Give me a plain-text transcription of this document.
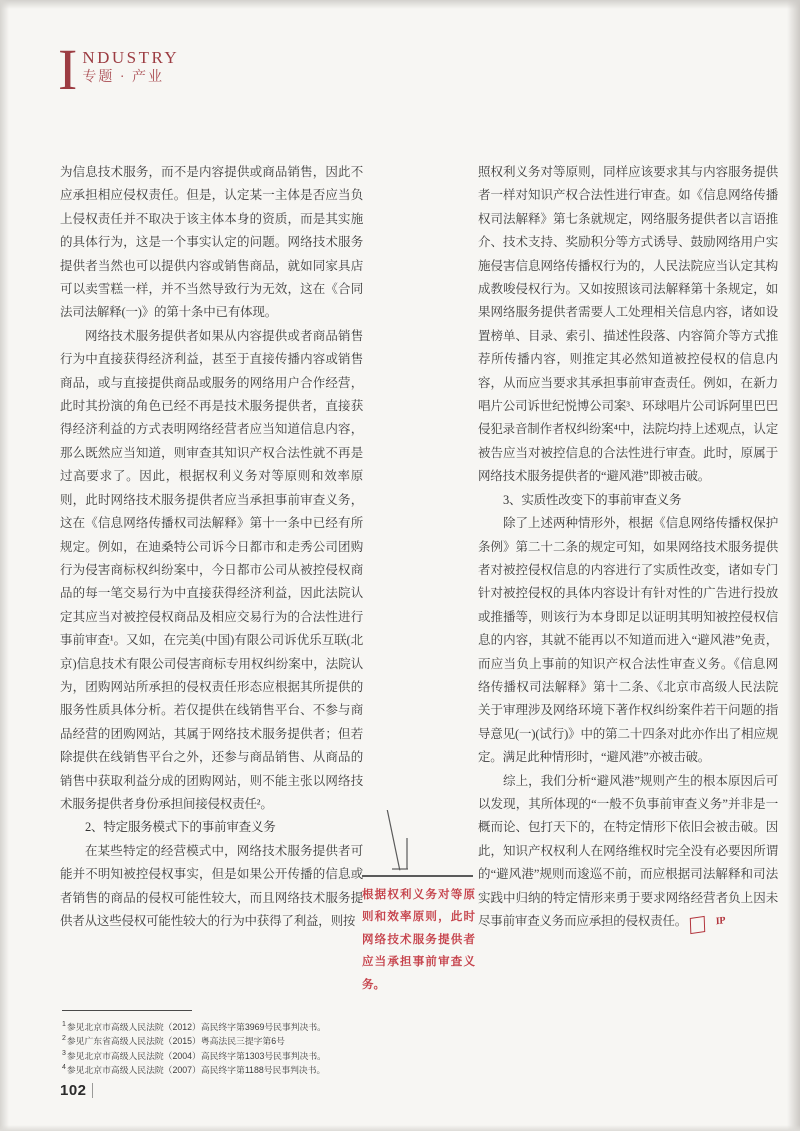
I NDUSTRY
专题 · 产业

为信息技术服务，而不是内容提供或商品销售，因此不应承担相应侵权责任。但是，认定某一主体是否应当负上侵权责任并不取决于该主体本身的资质，而是其实施的具体行为，这是一个事实认定的问题。网络技术服务提供者当然也可以提供内容或销售商品，就如同家具店可以卖雪糕一样，并不当然导致行为无效，这在《合同法司法解释(一)》的第十条中已有体现。

网络技术服务提供者如果从内容提供或者商品销售行为中直接获得经济利益，甚至于直接传播内容或销售商品，或与直接提供商品或服务的网络用户合作经营，此时其扮演的角色已经不再是技术服务提供者，直接获得经济利益的方式表明网络经营者应当知道信息内容，那么既然应当知道，则审查其知识产权合法性就不再是过高要求了。因此，根据权利义务对等原则和效率原则，此时网络技术服务提供者应当承担事前审查义务，这在《信息网络传播权司法解释》第十一条中已经有所规定。例如，在迪桑特公司诉今日都市和走秀公司团购行为侵害商标权纠纷案中，今日都市公司从被控侵权商品的每一笔交易行为中直接获得经济利益，因此法院认定其应当对被控侵权商品及相应交易行为的合法性进行事前审查¹。又如，在完美(中国)有限公司诉优乐互联(北京)信息技术有限公司侵害商标专用权纠纷案中，法院认为，团购网站所承担的侵权责任形态应根据其所提供的服务性质具体分析。若仅提供在线销售平台、不参与商品经营的团购网站，其属于网络技术服务提供者；但若除提供在线销售平台之外，还参与商品销售、从商品的销售中获取利益分成的团购网站，则不能主张以网络技术服务提供者身份承担间接侵权责任²。

2、特定服务模式下的事前审查义务

在某些特定的经营模式中，网络技术服务提供者可能并不明知被控侵权事实，但是如果公开传播的信息或者销售的商品的侵权可能性较大，而且网络技术服务提供者从这些侵权可能性较大的行为中获得了利益，则按

根据权利义务对等原则和效率原则，此时网络技术服务提供者应当承担事前审查义务。

照权利义务对等原则，同样应该要求其与内容服务提供者一样对知识产权合法性进行审查。如《信息网络传播权司法解释》第七条就规定，网络服务提供者以言语推介、技术支持、奖励积分等方式诱导、鼓励网络用户实施侵害信息网络传播权行为的，人民法院应当认定其构成教唆侵权行为。又如按照该司法解释第十条规定，如果网络服务提供者需要人工处理相关信息内容，诸如设置榜单、目录、索引、描述性段落、内容简介等方式推荐所传播内容，则推定其必然知道被控侵权的信息内容，从而应当要求其承担事前审查责任。例如，在新力唱片公司诉世纪悦博公司案³、环球唱片公司诉阿里巴巴侵犯录音制作者权纠纷案⁴中，法院均持上述观点，认定被告应当对被控信息的合法性进行审查。此时，原属于网络技术服务提供者的“避风港”即被击破。

3、实质性改变下的事前审查义务

除了上述两种情形外，根据《信息网络传播权保护条例》第二十二条的规定可知，如果网络技术服务提供者对被控侵权信息的内容进行了实质性改变，诸如专门针对被控侵权的具体内容设计有针对性的广告进行投放或推播等，则该行为本身即足以证明其明知被控侵权信息的内容，其就不能再以不知道而进入“避风港”免责，而应当负上事前的知识产权合法性审查义务。《信息网络传播权司法解释》第十二条、《北京市高级人民法院关于审理涉及网络环境下著作权纠纷案件若干问题的指导意见(一)(试行)》中的第二十四条对此亦作出了相应规定。满足此种情形时，“避风港”亦被击破。

综上，我们分析“避风港”规则产生的根本原因后可以发现，其所体现的“一般不负事前审查义务”并非是一概而论、包打天下的，在特定情形下依旧会被击破。因此，知识产权权利人在网络维权时完全没有必要因所谓的“避风港”规则而逡巡不前，而应根据司法解释和司法实践中归纳的特定情形来勇于要求网络经营者负上因未尽事前审查义务而应承担的侵权责任。	IP

$^1$参见北京市高级人民法院（2012）高民终字第3969号民事判决书。
$^2$参见广东省高级人民法院（2015）粤高法民三提字第6号
$^3$参见北京市高级人民法院（2004）高民终字第1303号民事判决书。
$^4$参见北京市高级人民法院（2007）高民终字第1188号民事判决书。
102
